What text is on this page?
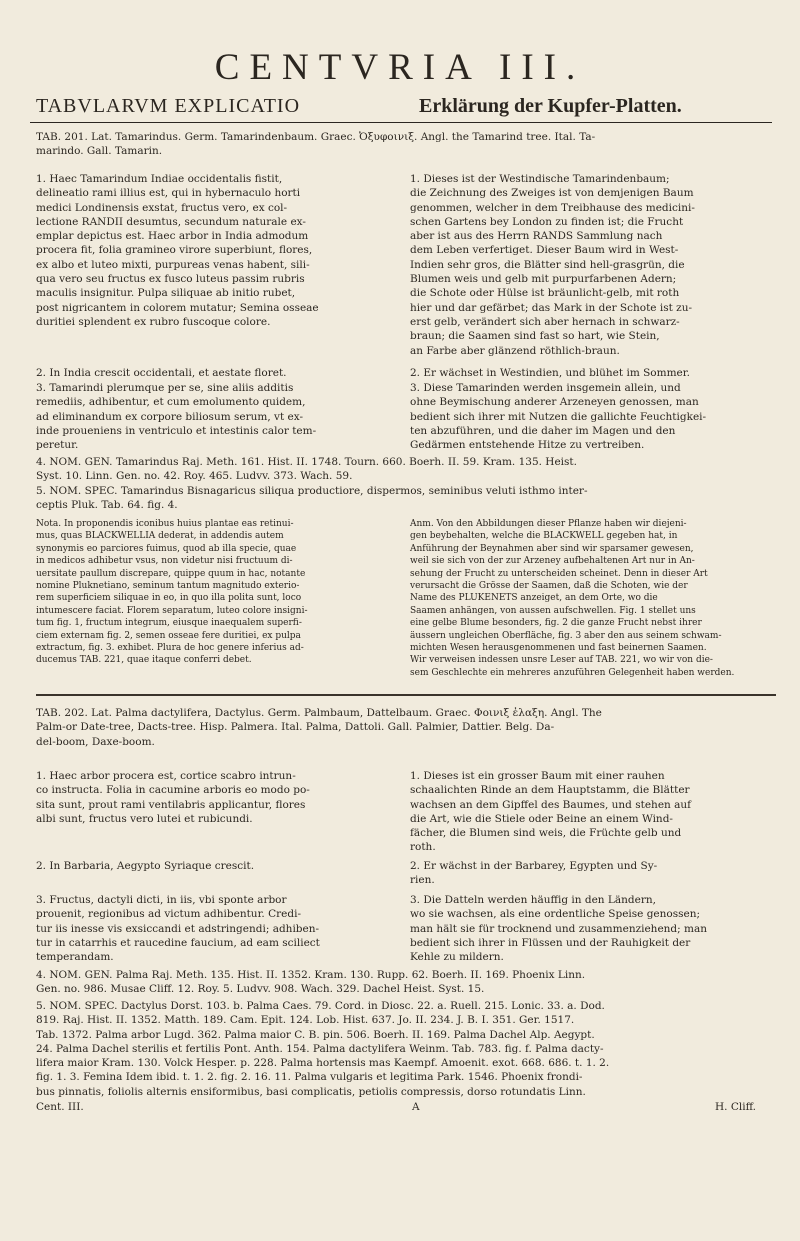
CENTVRIA III.
TABVLARVM EXPLICATIO	Erklärung der Kupfer-Platten.
TAB. 201. Lat. Tamarindus. Germ. Tamarindenbaum. Graec. Ὀξυφοινιξ. Angl. the Tamarind tree. Ital. Ta-
marindo. Gall. Tamarin.
1. Haec Tamarindum Indiae occidentalis fistit,
delineatio rami illius est, qui in hybernaculo horti
medici Londinensis exstat, fructus vero, ex col-
lectione RANDII desumtus, secundum naturale ex-
emplar depictus est. Haec arbor in India admodum
procera fit, folia gramineo virore superbiunt, flores,
ex albo et luteo mixti, purpureas venas habent, sili-
qua vero seu fructus ex fusco luteus passim rubris
maculis insignitur. Pulpa siliquae ab initio rubet,
post nigricantem in colorem mutatur; Semina osseae
duritiei splendent ex rubro fuscoque colore.
1. Dieses ist der Westindische Tamarindenbaum;
die Zeichnung des Zweiges ist von demjenigen Baum
genommen, welcher in dem Treibhause des medicini-
schen Gartens bey London zu finden ist; die Frucht
aber ist aus des Herrn RANDS Sammlung nach
dem Leben verfertiget. Dieser Baum wird in West-
Indien sehr gros, die Blätter sind hell-grasgrün, die
Blumen weis und gelb mit purpurfarbenen Adern;
die Schote oder Hülse ist bräunlicht-gelb, mit roth
hier und dar gefärbet; das Mark in der Schote ist zu-
erst gelb, verändert sich aber hernach in schwarz-
braun; die Saamen sind fast so hart, wie Stein,
an Farbe aber glänzend röthlich-braun.
2. In India crescit occidentali, et aestate floret.	2. Er wächset in Westindien, und blühet im Sommer.
3. Tamarindi plerumque per se, sine aliis additis
remediis, adhibentur, et cum emolumento quidem,
ad eliminandum ex corpore biliosum serum, vt ex-
inde proueniens in ventriculo et intestinis calor tem-
peretur.
3. Diese Tamarinden werden insgemein allein, und
ohne Beymischung anderer Arzeneyen genossen, man
bedient sich ihrer mit Nutzen die gallichte Feuchtigkei-
ten abzuführen, und die daher im Magen und den
Gedärmen entstehende Hitze zu vertreiben.
4. NOM. GEN. Tamarindus Raj. Meth. 161. Hist. II. 1748. Tourn. 660. Boerh. II. 59. Kram. 135. Heist.
Syst. 10. Linn. Gen. no. 42. Roy. 465. Ludvv. 373. Wach. 59.
5. NOM. SPEC. Tamarindus Bisnagaricus siliqua productiore, dispermos, seminibus veluti isthmo inter-
ceptis Pluk. Tab. 64. fig. 4.
Nota. In proponendis iconibus huius plantae eas retinui-
mus, quas BLACKWELLIA dederat, in addendis autem
synonymis eo parciores fuimus, quod ab illa specie, quae
in medicos adhibetur vsus, non videtur nisi fructuum di-
uersitate paullum discrepare, quippe quum in hac, notante
nomine Pluknetiano, seminum tantum magnitudo exterio-
rem superficiem siliquae in eo, in quo illa polita sunt, loco
intumescere faciat. Florem separatum, luteo colore insigni-
tum fig. 1, fructum integrum, eiusque inaequalem superfi-
ciem externam fig. 2, semen osseae fere duritiei, ex pulpa
extractum, fig. 3. exhibet. Plura de hoc genere inferius ad-
ducemus TAB. 221, quae itaque conferri debet.
Anm. Von den Abbildungen dieser Pflanze haben wir diejeni-
gen beybehalten, welche die BLACKWELL gegeben hat, in
Anführung der Beynahmen aber sind wir sparsamer gewesen,
weil sie sich von der zur Arzeney aufbehaltenen Art nur in An-
sehung der Frucht zu unterscheiden scheinet. Denn in dieser Art
verursacht die Grösse der Saamen, daß die Schoten, wie der
Name des PLUKENETS anzeiget, an dem Orte, wo die
Saamen anhängen, von aussen aufschwellen. Fig. 1 stellet uns
eine gelbe Blume besonders, fig. 2 die ganze Frucht nebst ihrer
äussern ungleichen Oberfläche, fig. 3 aber den aus seinem schwam-
michten Wesen herausgenommenen und fast beinernen Saamen.
Wir verweisen indessen unsre Leser auf TAB. 221, wo wir von die-
sem Geschlechte ein mehreres anzuführen Gelegenheit haben werden.
TAB. 202. Lat. Palma dactylifera, Dactylus. Germ. Palmbaum, Dattelbaum. Graec. Φοινιξ ἐλαξη. Angl. The
Palm-or Date-tree, Dacts-tree. Hisp. Palmera. Ital. Palma, Dattoli. Gall. Palmier, Dattier. Belg. Da-
del-boom, Daxe-boom.
1. Haec arbor procera est, cortice scabro intrun-
co instructa. Folia in cacumine arboris eo modo po-
sita sunt, prout rami ventilabris applicantur, flores
albi sunt, fructus vero lutei et rubicundi.
1. Dieses ist ein grosser Baum mit einer rauhen
schaalichten Rinde an dem Hauptstamm, die Blätter
wachsen an dem Gipffel des Baumes, und stehen auf
die Art, wie die Stiele oder Beine an einem Wind-
fächer, die Blumen sind weis, die Früchte gelb und
roth.
2. In Barbaria, Aegypto Syriaque crescit.	2. Er wächst in der Barbarey, Egypten und Sy-
rien.
3. Fructus, dactyli dicti, in iis, vbi sponte arbor
prouenit, regionibus ad victum adhibentur. Credi-
tur iis inesse vis exsiccandi et adstringendi; adhiben-
tur in catarrhis et raucedine faucium, ad eam sciliect
temperandam.
3. Die Datteln werden häuffig in den Ländern,
wo sie wachsen, als eine ordentliche Speise genossen;
man hält sie für trocknend und zusammenziehend; man
bedient sich ihrer in Flüssen und der Rauhigkeit der
Kehle zu mildern.
4. NOM. GEN. Palma Raj. Meth. 135. Hist. II. 1352. Kram. 130. Rupp. 62. Boerh. II. 169. Phoenix Linn.
Gen. no. 986. Musae Cliff. 12. Roy. 5. Ludvv. 908. Wach. 329. Dachel Heist. Syst. 15.
5. NOM. SPEC. Dactylus Dorst. 103. b. Palma Caes. 79. Cord. in Diosc. 22. a. Ruell. 215. Lonic. 33. a. Dod.
819. Raj. Hist. II. 1352. Matth. 189. Cam. Epit. 124. Lob. Hist. 637. Jo. II. 234. J. B. I. 351. Ger. 1517.
Tab. 1372. Palma arbor Lugd. 362. Palma maior C. B. pin. 506. Boerh. II. 169. Palma Dachel Alp. Aegypt.
24. Palma Dachel sterilis et fertilis Pont. Anth. 154. Palma dactylifera Weinm. Tab. 783. fig. f. Palma dacty-
lifera maior Kram. 130. Volck Hesper. p. 228. Palma hortensis mas Kaempf. Amoenit. exot. 668. 686. t. 1. 2.
fig. 1. 3. Femina Idem ibid. t. 1. 2. fig. 2. 16. 11. Palma vulgaris et legitima Park. 1546. Phoenix frondi-
bus pinnatis, foliolis alternis ensiformibus, basi complicatis, petiolis compressis, dorso rotundatis Linn.
Cent. III.	A	H. Cliff.
